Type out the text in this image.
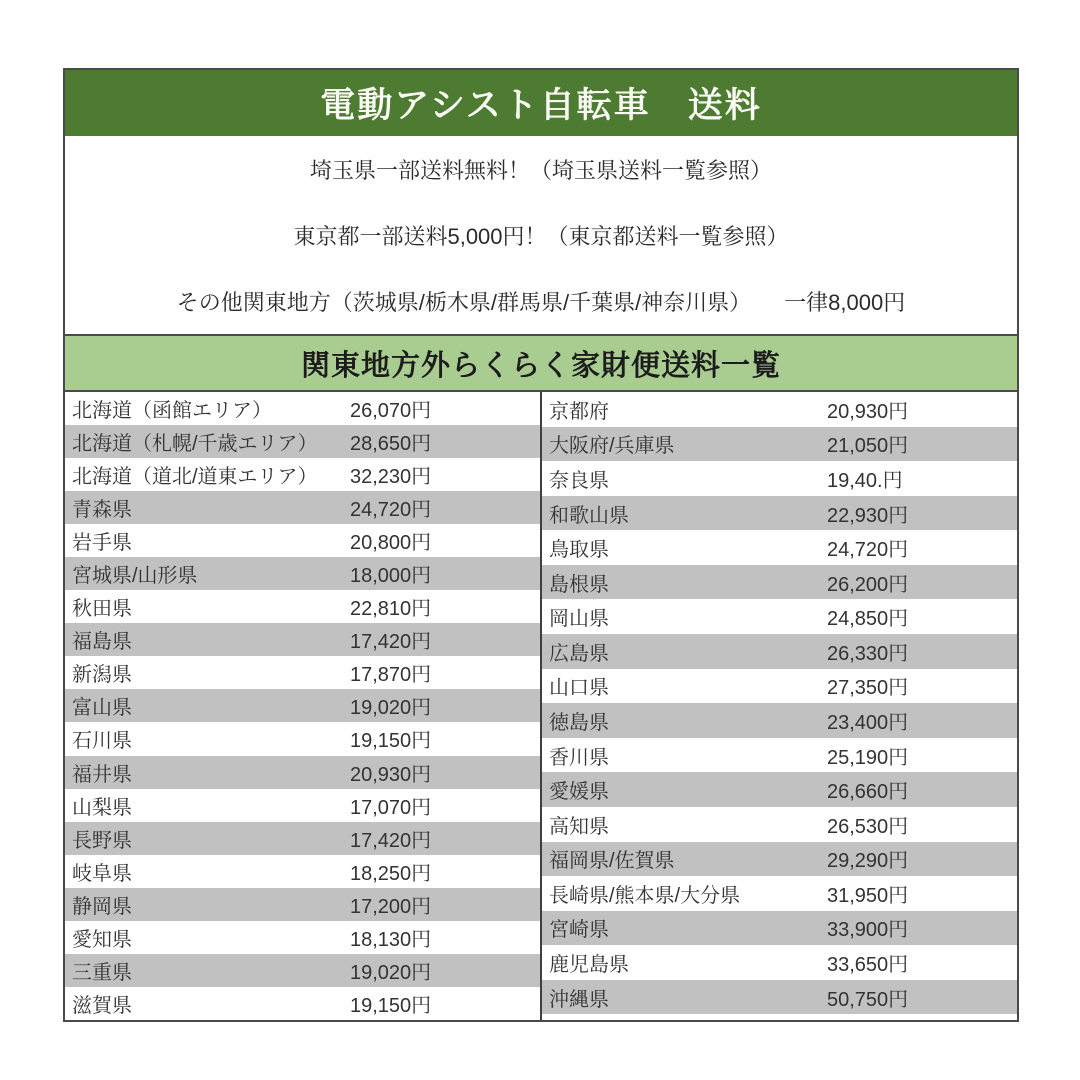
電動アシスト自転車　送料
埼玉県一部送料無料！（埼玉県送料一覧参照）
東京都一部送料5,000円！（東京都送料一覧参照）
その他関東地方（茨城県/栃木県/群馬県/千葉県/神奈川県）　　一律8,000円
関東地方外らくらく家財便送料一覧
北海道（函館エリア）	26,070円
北海道（札幌/千歳エリア）	28,650円
北海道（道北/道東エリア）	32,230円
青森県	24,720円
岩手県	20,800円
宮城県/山形県	18,000円
秋田県	22,810円
福島県	17,420円
新潟県	17,870円
富山県	19,020円
石川県	19,150円
福井県	20,930円
山梨県	17,070円
長野県	17,420円
岐阜県	18,250円
静岡県	17,200円
愛知県	18,130円
三重県	19,020円
滋賀県	19,150円
京都府	20,930円
大阪府/兵庫県	21,050円
奈良県	19,40.円
和歌山県	22,930円
鳥取県	24,720円
島根県	26,200円
岡山県	24,850円
広島県	26,330円
山口県	27,350円
徳島県	23,400円
香川県	25,190円
愛媛県	26,660円
高知県	26,530円
福岡県/佐賀県	29,290円
長崎県/熊本県/大分県	31,950円
宮崎県	33,900円
鹿児島県	33,650円
沖縄県	50,750円
